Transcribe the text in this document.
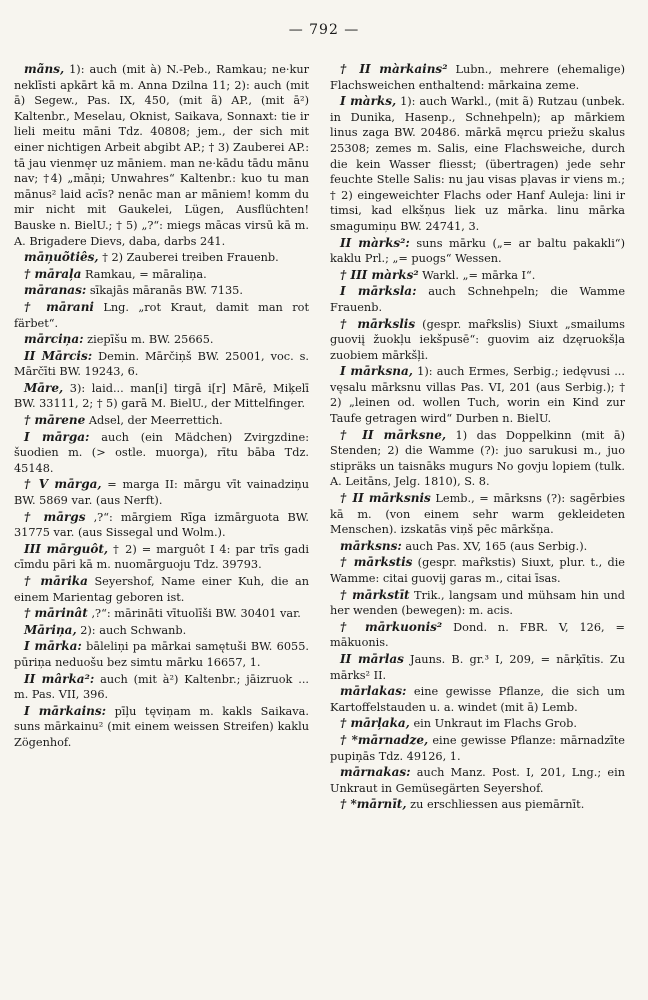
— 792 —
mãns, 1): auch (mit à) N.-Peb., Ramkau; ne·kur neklīsti apkārt kā m. Anna Dzilna 11; 2): auch (mit ā) Segew., Pas. IX, 450, (mit ã) AP., (mit ā²) Kaltenbr., Meselau, Oknist, Saikava, Sonnaxt: tie ir lieli meitu māni Tdz. 40808; jem., der sich mit einer nichtigen Arbeit abgibt AP.; † 3) Zauberei AP.: tā jau vienmęr uz māniem. man ne·kādu tādu mānu nav; †4) „māņi; Unwahres“ Kaltenbr.: kuo tu man mānus² laid acīs? nenāc man ar māniem! komm du mir nicht mit Gaukelei, Lügen, Ausflüchten! Bauske n. BielU.; † 5) „?“: miegs mācas virsū kā m. A. Brigadere Dievs, daba, darbs 241.
māņuõtiês, † 2) Zauberei treiben Frauenb.
† māraļa Ramkau, = māraliņa.
māranas: sīkajās māranās BW. 7135.
† mārani Lng. „rot Kraut, damit man rot färbet“.
mārciņa: ziepīšu m. BW. 25665.
II Mārcis: Demin. Mārčiņš BW. 25001, voc. s. Mārčīti BW. 19243, 6.
Māre, 3): laid... man[i] tirgā i[r] Mārē, Miķelī BW. 33111, 2; † 5) garā M. BielU., der Mittelfinger.
† mārene Adsel, der Meerrettich.
I mārga: auch (ein Mädchen) Zvirgzdine: šuodien m. (> ostle. muorga), rītu bāba Tdz. 45148.
† V mārga, = marga II: mārgu vīt vainadziņu BW. 5869 var. (aus Nerft).
† mārgs ,?“: mārgiem Rīga izmārguota BW. 31775 var. (aus Sissegal und Wolm.).
III mārguôt, † 2) = marguôt I 4: par trīs gadi cīmdu pāri kā m. nuomārguoju Tdz. 39793.
† mārika Seyershof, Name einer Kuh, die an einem Marientag geboren ist.
† mārinât ,?“: mārināti vītuolīši BW. 30401 var.
Māriņa, 2): auch Schwanb.
I mārka: bāleliņi pa mārkai samętuši BW. 6055. pūriņa neduošu bez simtu mārku 16657, 1.
II mârka²: auch (mit à²) Kaltenbr.; jāizruok ... m. Pas. VII, 396.
I mārkains: pīļu tęviņam m. kakls Saikava. suns mārkainu² (mit einem weissen Streifen) kaklu Zögenhof.
† II màrkains² Lubn., mehrere (ehemalige) Flachsweichen enthaltend: mārkaina zeme.
I màrks, 1): auch Warkl., (mit ã) Rutzau (unbek. in Dunika, Hasenp., Schnehpeln); ap mārkiem linus zaga BW. 20486. mārkā męrcu priežu skalus 25308; zemes m. Salis, eine Flachsweiche, durch die kein Wasser fliesst; (übertragen) jede sehr feuchte Stelle Salis: nu jau visas pļavas ir viens m.; † 2) eingeweichter Flachs oder Hanf Auleja: lini ir timsi, kad elkšņus liek uz mārka. linu mārka smagumiņu BW. 24741, 3.
II màrks²: suns mārku („= ar baltu pakakli“) kaklu Prl.; „= puogs“ Wessen.
† III màrks² Warkl. „= mārka I“.
I mārksla: auch Schnehpeln; die Wamme Frauenb.
† mārkslis (gespr. maȓkslis) Siuxt „smailums guoviį žuokļu iekšpusē“: guovim aiz dzęruokšļa zuobiem mārkšļi.
I mārksna, 1): auch Ermes, Serbig.; iedęvusi ... vęsalu mārksnu villas Pas. VI, 201 (aus Serbig.); † 2) „leinen od. wollen Tuch, worin ein Kind zur Taufe getragen wird“ Durben n. BielU.
† II mārksne, 1) das Doppelkinn (mit ā) Stenden; 2) die Wamme (?): juo sarukusi m., juo stipräks un taisnāks mugurs No govju lopiem (tulk. A. Leitāns, Jelg. 1810), S. 8.
† II mārksnis Lemb., = mārksns (?): sagērbies kā m. (von einem sehr warm gekleideten Menschen). izskatās viņš pēc mārkšņa.
mārksns: auch Pas. XV, 165 (aus Serbig.).
† mārkstis (gespr. maȓkstis) Siuxt, plur. t., die Wamme: citai guovij garas m., citai īsas.
† mārkstīt Trik., langsam und mühsam hin und her wenden (bewegen): m. acis.
† mārkuonis² Dond. n. FBR. V, 126, = mākuonis.
II mārlas Jauns. B. gr.³ I, 209, = nārķītis. Zu mārks² II.
mārlakas: eine gewisse Pflanze, die sich um Kartoffelstauden u. a. windet (mit ā) Lemb.
† mārļaka, ein Unkraut im Flachs Grob.
† *mārnadze, eine gewisse Pflanze: mārnadzīte pupiņās Tdz. 49126, 1.
mārnakas: auch Manz. Post. I, 201, Lng.; ein Unkraut in Gemüsegärten Seyershof.
† *mārnīt, zu erschliessen aus piemārnīt.
